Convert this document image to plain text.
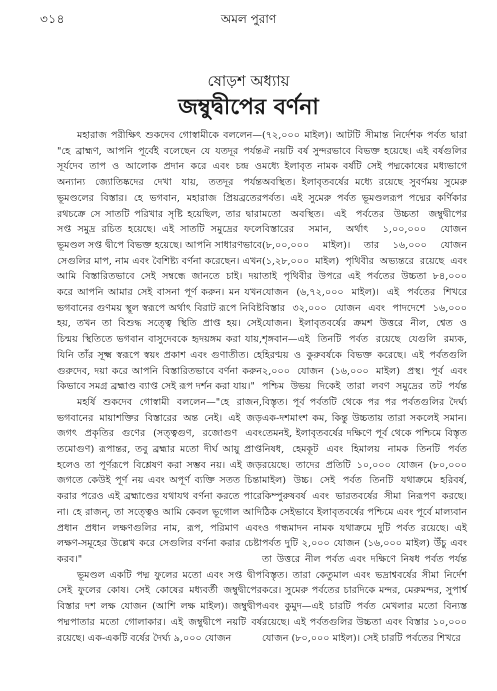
৩১৪	অমল পুরাণ
ষোড়শ অধ্যায়
জম্বুদ্বীপের বর্ণনা

মহারাজ পরীক্ষিৎ শুকদেব গোস্বামীকে বললেন— "হে ব্রাহ্মণ, আপনি পূর্বেই বলেছেন যে যতদূর পর্যন্ত সূর্যদেব তাপ ও আলোক প্রদান করে এবং চন্দ্র ও অন্যান্য জ্যোতিষ্কদের দেখা যায়, ততদূর পর্যন্ত ভূমণ্ডলের বিস্তার। হে ভগবান, মহারাজ প্রিয়ব্রতের রথচক্রে সে সাতটি পরিখার সৃষ্টি হয়েছিল, তার দ্বারা সপ্ত সমুদ্র রচিত হয়েছে। এই সাতটি সমুদ্রের ফলে ভূমণ্ডল সপ্ত দ্বীপে বিভক্ত হয়েছে। আপনি সাধারণভাবে সেগুলির মাপ, নাম এবং বৈশিষ্ট্য বর্ণনা করেছেন। এখন আমি বিস্তারিতভাবে সেই সম্বন্ধে জানতে চাই। দয়া করে আপনি আমার সেই বাসনা পূর্ণ করুন। মন যখন ভগবানের গুণময় স্থূল স্বরূপে অর্থাৎ বিরাট রূপে নিবিষ্ট হয়, তখন তা বিশুদ্ধ সত্ত্বে স্থিতি প্রাপ্ত হয়। সেই চিন্ময় স্থিতিতে ভগবান বাসুদেবকে হৃদয়ঙ্গম করা যায়, যিনি তাঁর সূক্ষ্ম স্বরূপে স্বয়ং প্রকাশ এবং গুণাতীত। হে গুরুদেব, দয়া করে আপনি বিস্তারিতভাবে বর্ণনা করুন কিভাবে সমগ্র ব্রহ্মাণ্ড ব্যাপ্ত সেই রূপ দর্শন করা যায়।"

মহর্ষি শুকদেব গোস্বামী বললেন—"হে রাজন, ভগবানের মায়াশক্তির বিস্তারের অন্ত নেই। এই জড় জগৎ প্রকৃতির গুণের (সত্ত্বগুণ, রজোগুণ এবং তমোগুণ) রূপান্তর, তবু ব্রহ্মার মতো দীর্ঘ আয়ু প্রাপ্ত হলেও তা পূর্ণরূপে বিশ্লেষণ করা সম্ভব নয়। এই জড় জগতে কেউই পূর্ণ নয় এবং অপূর্ণ ব্যক্তি সতত চিন্তা করার পরেও এই ব্রহ্মাণ্ডের যথাযথ বর্ণনা করতে পারে না। হে রাজন্, তা সত্ত্বেও আমি কেবল ভূগোল আদি প্রধান প্রধান লক্ষণগুলির নাম, রূপ, পরিমাণ এবং লক্ষণ-সমূহের উল্লেখ করে সেগুলির বর্ণনা করার চেষ্টা করব।"

ভূমণ্ডল একটি পদ্ম ফুলের মতো এবং সপ্ত দ্বীপ সেই ফুলের কোষ। সেই কোষের মধ্যবর্তী জম্বুদ্বীপের বিস্তার দশ লক্ষ যোজন (আশি লক্ষ মাইল)। জম্বুদ্বীপ পদ্মপাতার মতো গোলাকার। এই জম্বুদ্বীপে নয়টি বর্ষ রয়েছে। এক-একটি বর্ষের দৈর্ঘ্য ৯,০০০ যোজন

(৭২,০০০ মাইল)। আটটি সীমান্ত নির্দেশক পর্বত দ্বারা ঐ নয়টি বর্ষ সুন্দরভাবে বিভক্ত হয়েছে। এই বর্ষগুলির মধ্যে ইলাবৃত নামক বর্ষটি সেই পদ্মকোষের মধ্যভাগে অবস্থিত। ইলাবৃতবর্ষের মধ্যে রয়েছে সুবর্ণময় সুমেরু পর্বত। এই সুমেরু পর্বত ভূমণ্ডলরূপ পদ্মের কর্ণিকার মতো অবস্থিত। এই পর্বতের উচ্চতা জম্বুদ্বীপের বিস্তারের সমান, অর্থাৎ ১,০০,০০০ যোজন (৮,০০,০০০ মাইল)। তার ১৬,০০০ যোজন (১,২৮,০০০ মাইল) পৃথিবীর অভ্যন্তরে রয়েছে এবং তাই পৃথিবীর উপরে এই পর্বতের উচ্চতা ৮৪,০০০ যোজন (৬,৭২,০০০ মাইল)। এই পর্বতের শিখরে বিস্তার ৩২,০০০ যোজন এবং পাদদেশে ১৬,০০০ যোজন। ইলাবৃতবর্ষের ক্রমশ উত্তরে নীল, শ্বেত ও শৃঙ্গবান—এই তিনটি পর্বত রয়েছে যেগুলি রম্যক, হিরণ্ময় ও কুরুবর্ষকে বিভক্ত করেছে। এই পর্বতগুলি ২,০০০ যোজন (১৬,০০০ মাইল) প্রস্থ। পূর্ব এবং পশ্চিম উভয় দিকেই তারা লবণ সমুদ্রের তট পর্যন্ত বিস্তৃত। পূর্ব পর্বতটি থেকে পর পর পর্বতগুলির দৈর্ঘ্য এক-দশমাংশ কম, কিন্তু উচ্চতায় তারা সকলেই সমান। তেমনই, ইলাবৃতবর্ষের দক্ষিণে পূর্ব থেকে পশ্চিমে বিস্তৃত নিষধ, হেমকূট এবং হিমালয় নামক তিনটি পর্বত রয়েছে। তাদের প্রতিটি ১০,০০০ যোজন (৮০,০০০ মাইল) উচ্চ। সেই পর্বত তিনটি যথাক্রমে হরিবর্ষ, কিম্পুরুষবর্ষ এবং ভারতবর্ষের সীমা নিরূপণ করছে। ঠিক সেইভাবে ইলাবৃতবর্ষের পশ্চিমে এবং পূর্বে মাল্যবান ও গন্ধমাদন নামক যথাক্রমে দুটি পর্বত রয়েছে। এই পর্বত দুটি ২,০০০ যোজন (১৬,০০০ মাইল) উঁচু এবং তা উত্তরে নীল পর্বত এবং দক্ষিণে নিষধ পর্বত পর্যন্ত বিস্তৃত। তারা কেতুমাল এবং ভদ্রাশ্ববর্ষের সীমা নির্দেশ করে। সুমেরু পর্বতের চারদিকে মন্দর, মেরুমন্দর, সুপার্শ্ব এবং কুমুদ—এই চারটি পর্বত মেখলার মতো বিন্যস্ত রয়েছে। এই পর্বতগুলির উচ্চতা এবং বিস্তার ১০,০০০ যোজন (৮০,০০০ মাইল)। সেই চারটি পর্বতের শিখরে
